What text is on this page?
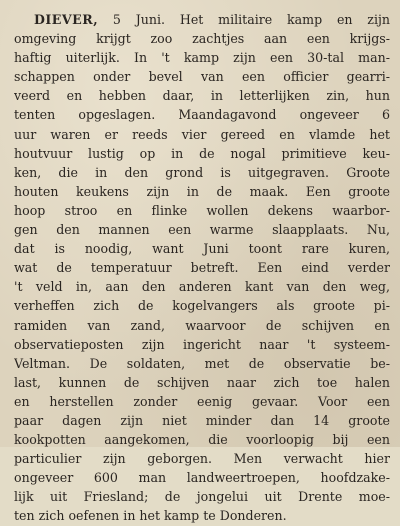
DIEVER, 5 Juni. Het militaire kamp en zijn
omgeving krijgt zoo zachtjes aan een krijgs-
haftig uiterlijk. In 't kamp zijn een 30-tal man-
schappen onder bevel van een officier gearri-
veerd en hebben daar, in letterlijken zin, hun
tenten opgeslagen. Maandagavond ongeveer 6
uur waren er reeds vier gereed en vlamde het
houtvuur lustig op in de nogal primitieve keu-
ken, die in den grond is uitgegraven. Groote
houten keukens zijn in de maak. Een groote
hoop stroo en flinke wollen dekens waarbor-
gen den mannen een warme slaapplaats. Nu,
dat is noodig, want Juni toont rare kuren,
wat de temperatuur betreft. Een eind verder
't veld in, aan den anderen kant van den weg,
verheffen zich de kogelvangers als groote pi-
ramiden van zand, waarvoor de schijven en
observatieposten zijn ingericht naar 't systeem-
Veltman. De soldaten, met de observatie be-
last, kunnen de schijven naar zich toe halen
en herstellen zonder eenig gevaar. Voor een
paar dagen zijn niet minder dan 14 groote
kookpotten aangekomen, die voorloopig bij een
particulier zijn geborgen. Men verwacht hier
ongeveer 600 man landweertroepen, hoofdzake-
lijk uit Friesland; de jongelui uit Drente moe-
ten zich oefenen in het kamp te Donderen.
